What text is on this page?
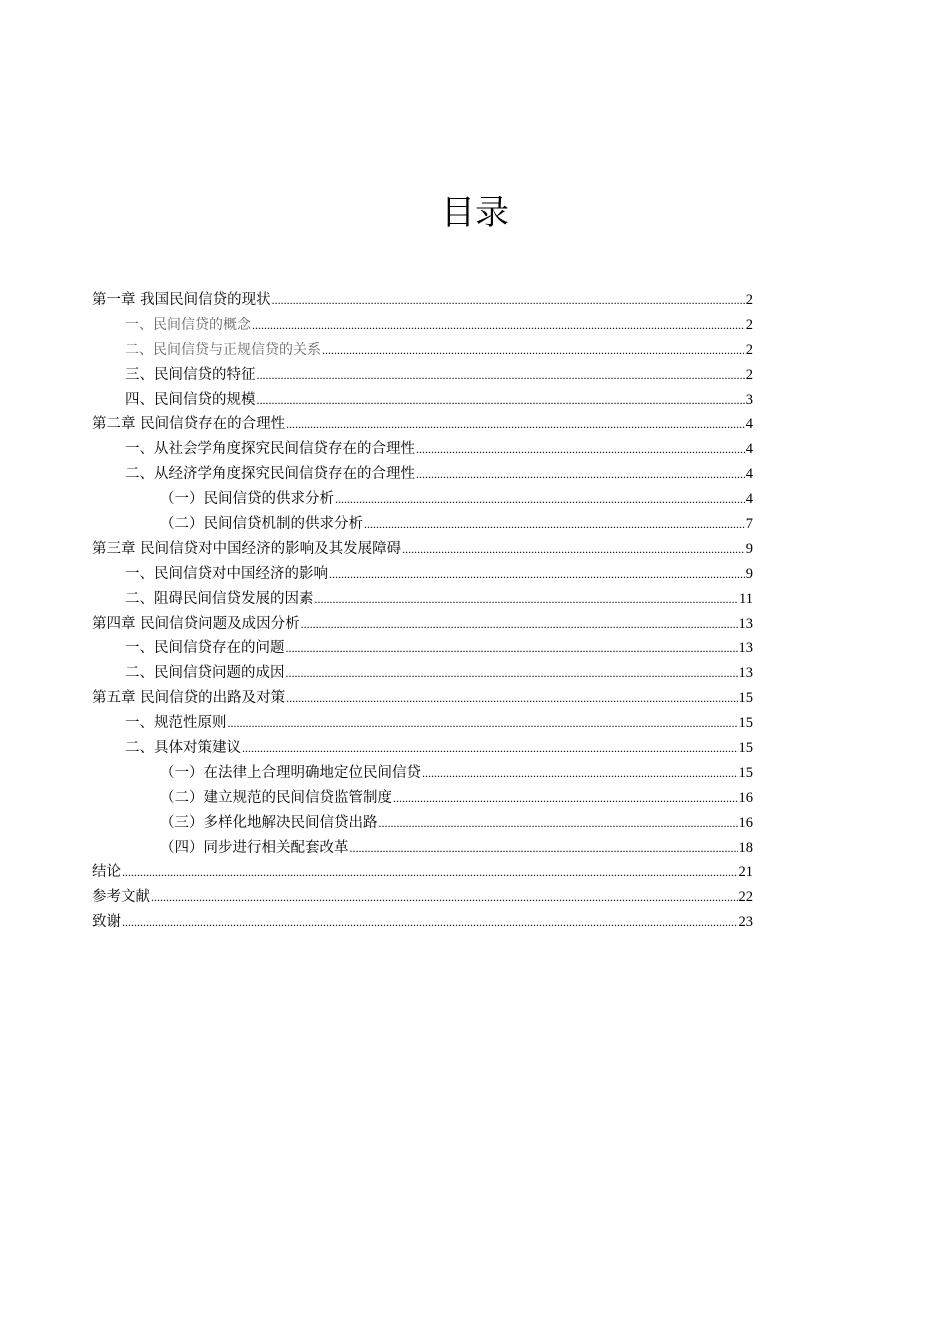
目录
第一章 我国民间信贷的现状 .....	2
一、民间信贷的概念 .....	2
二、民间信贷与正规信贷的关系 .....	2
三、民间信贷的特征 .....	2
四、民间信贷的规模 .....	3
第二章 民间信贷存在的合理性 .....	4
一、从社会学角度探究民间信贷存在的合理性 .....	4
二、从经济学角度探究民间信贷存在的合理性 .....	4
（一）民间信贷的供求分析 .....	4
（二）民间信贷机制的供求分析 .....	7
第三章 民间信贷对中国经济的影响及其发展障碍 .....	9
一、民间信贷对中国经济的影响 .....	9
二、阻碍民间信贷发展的因素 .....	11
第四章 民间信贷问题及成因分析 .....	13
一、民间信贷存在的问题 .....	13
二、民间信贷问题的成因 .....	13
第五章 民间信贷的出路及对策 .....	15
一、规范性原则 .....	15
二、具体对策建议 .....	15
（一）在法律上合理明确地定位民间信贷 .....	15
（二）建立规范的民间信贷监管制度 .....	16
（三）多样化地解决民间信贷出路 .....	16
（四）同步进行相关配套改革 .....	18
结论 .....	21
参考文献 .....	22
致谢 .....	23
